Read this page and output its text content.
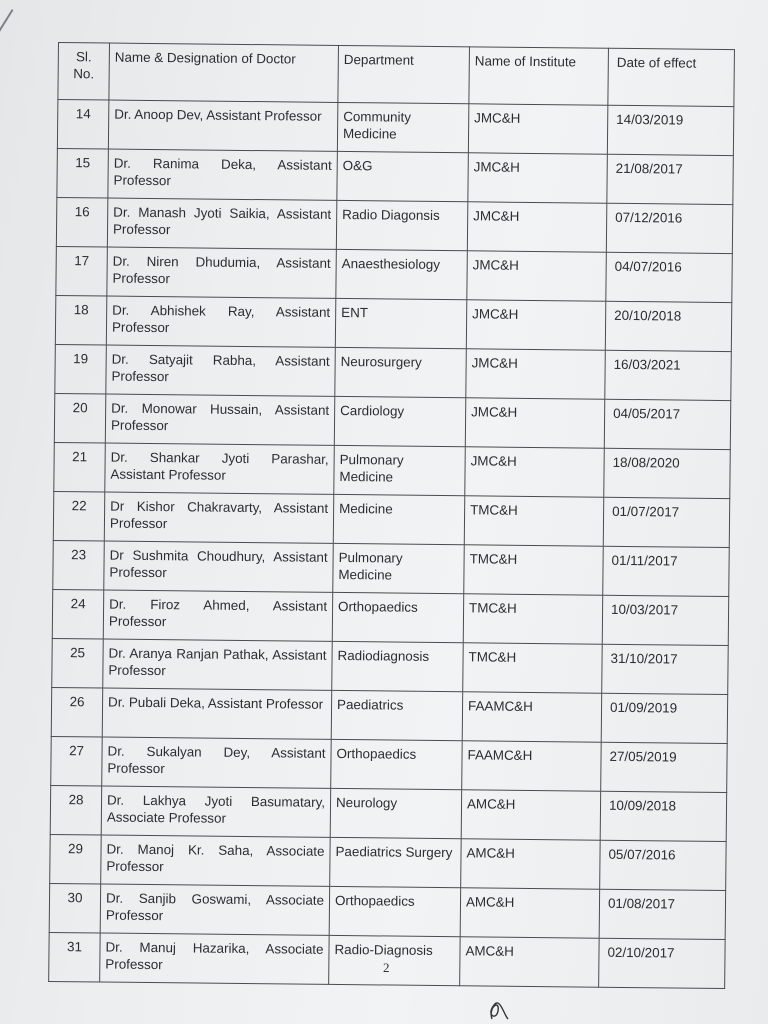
Sl. No.	Name & Designation of Doctor	Department	Name of Institute	Date of effect
14	Dr. Anoop Dev, Assistant Professor	Community Medicine	JMC&H	14/03/2019
15	Dr. Ranima Deka, Assistant Professor	O&G	JMC&H	21/08/2017
16	Dr. Manash Jyoti Saikia, Assistant Professor	Radio Diagonsis	JMC&H	07/12/2016
17	Dr. Niren Dhudumia, Assistant Professor	Anaesthesiology	JMC&H	04/07/2016
18	Dr. Abhishek Ray, Assistant Professor	ENT	JMC&H	20/10/2018
19	Dr. Satyajit Rabha, Assistant Professor	Neurosurgery	JMC&H	16/03/2021
20	Dr. Monowar Hussain, Assistant Professor	Cardiology	JMC&H	04/05/2017
21	Dr. Shankar Jyoti Parashar, Assistant Professor	Pulmonary Medicine	JMC&H	18/08/2020
22	Dr Kishor Chakravarty, Assistant Professor	Medicine	TMC&H	01/07/2017
23	Dr Sushmita Choudhury, Assistant Professor	Pulmonary Medicine	TMC&H	01/11/2017
24	Dr. Firoz Ahmed, Assistant Professor	Orthopaedics	TMC&H	10/03/2017
25	Dr. Aranya Ranjan Pathak, Assistant Professor	Radiodiagnosis	TMC&H	31/10/2017
26	Dr. Pubali Deka, Assistant Professor	Paediatrics	FAAMC&H	01/09/2019
27	Dr. Sukalyan Dey, Assistant Professor	Orthopaedics	FAAMC&H	27/05/2019
28	Dr. Lakhya Jyoti Basumatary, Associate Professor	Neurology	AMC&H	10/09/2018
29	Dr. Manoj Kr. Saha, Associate Professor	Paediatrics Surgery	AMC&H	05/07/2016
30	Dr. Sanjib Goswami, Associate Professor	Orthopaedics	AMC&H	01/08/2017
31	Dr. Manuj Hazarika, Associate Professor	Radio-Diagnosis	AMC&H	02/10/2017
2
